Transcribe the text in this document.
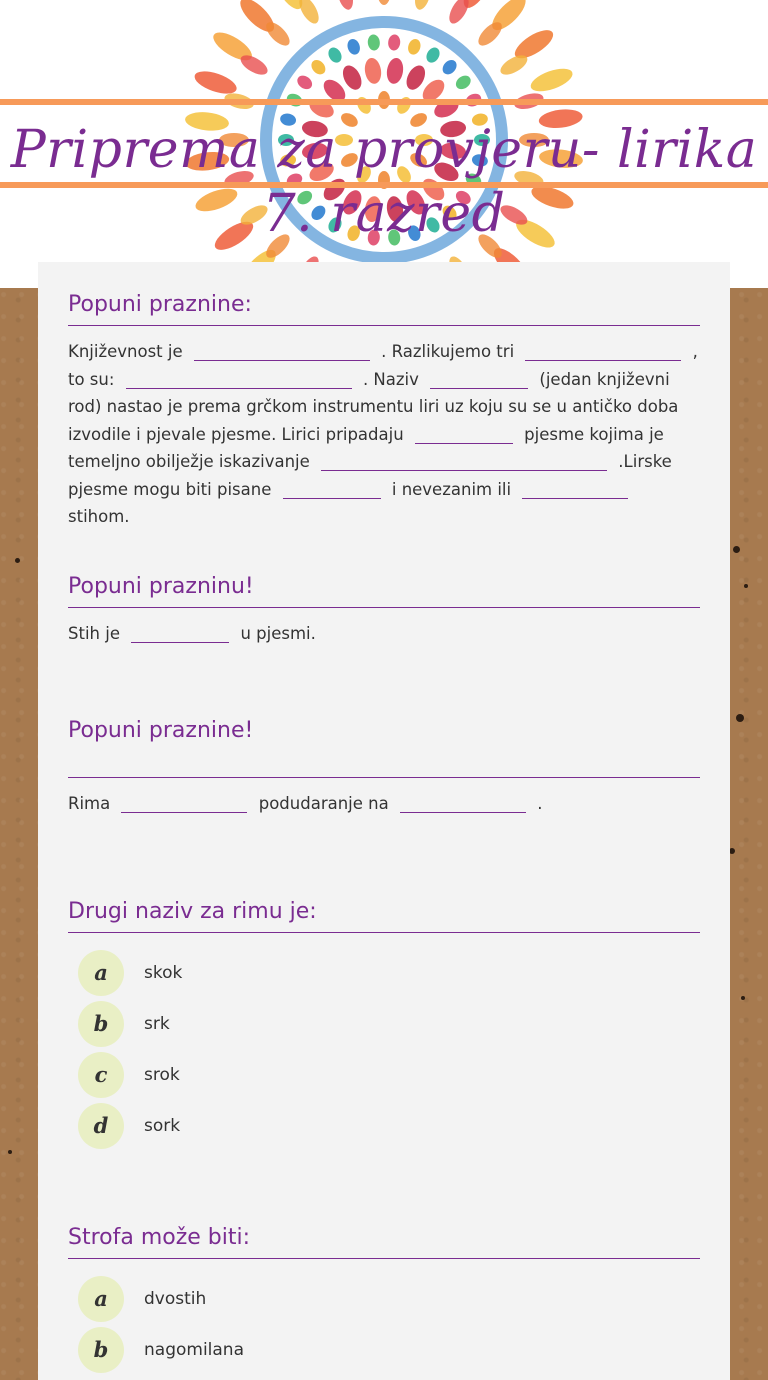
Priprema za provjeru- lirika 7. razred
Popuni praznine:
Književnost je	. Razlikujemo tri	, to su:	. Naziv	(jedan književni rod) nastao je prema grčkom instrumentu liri uz koju su se u antičko doba izvodile i pjevale pjesme. Lirici pripadaju	pjesme kojima je temeljno obilježje iskazivanje	.Lirske pjesme mogu biti pisane	i nevezanim ili  stihom.
Popuni prazninu!
Stih je	u pjesmi.
Popuni praznine!
Rima	podudaranje na	.
Drugi naziv za rimu je:
a	skok
b	srk
c	srok
d	sork
Strofa može biti:
a	dvostih
b	nagomilana
